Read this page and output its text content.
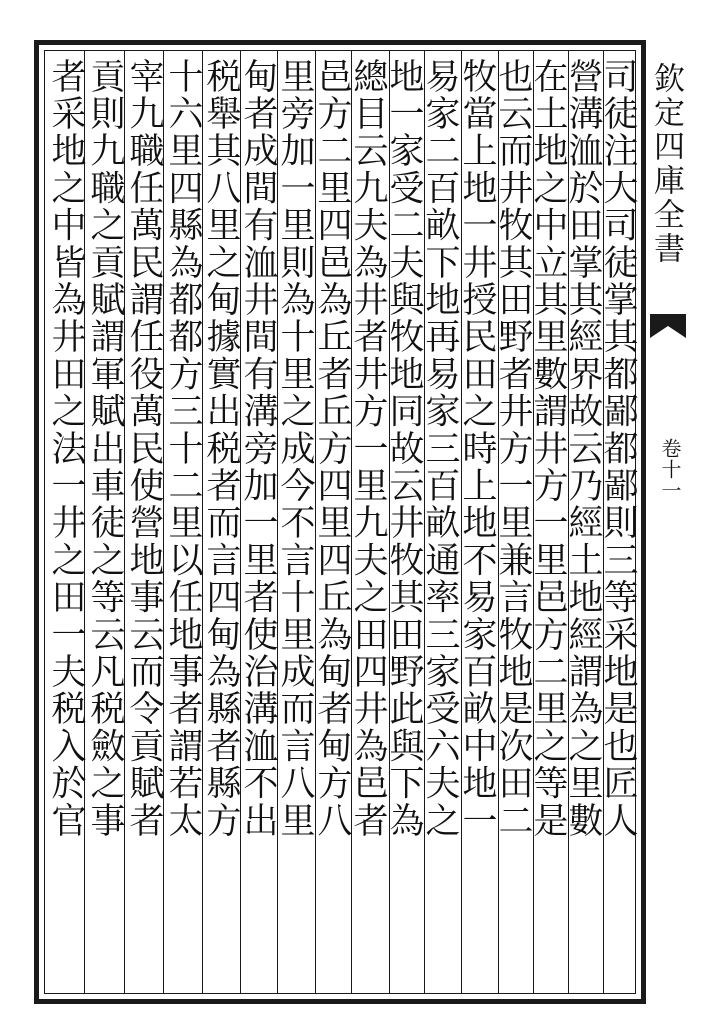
司徒注大司徒掌其都鄙都鄙則三等采地是也匠人
營溝洫於田掌其經界故云乃經土地經謂為之里數
在土地之中立其里數謂井方一里邑方二里之等是
也云而井牧其田野者井方一里兼言牧地是次田二
牧當上地一井授民田之時上地不易家百畝中地一
易家二百畝下地再易家三百畝通率三家受六夫之
地一家受二夫與牧地同故云井牧其田野此與下為
總目云九夫為井者井方一里九夫之田四井為邑者
邑方二里四邑為丘者丘方四里四丘為甸者甸方八
里旁加一里則為十里之成今不言十里成而言八里
甸者成間有洫井間有溝旁加一里者使治溝洫不出
税舉其八里之甸據實出税者而言四甸為縣者縣方
十六里四縣為都都方三十二里以任地事者謂若太
宰九職任萬民謂任役萬民使營地事云而令貢賦者
貢則九職之貢賦謂軍賦出車徒之等云凡税斂之事
者采地之中皆為井田之法一井之田一夫税入於官	欽定四庫全書
卷十一
